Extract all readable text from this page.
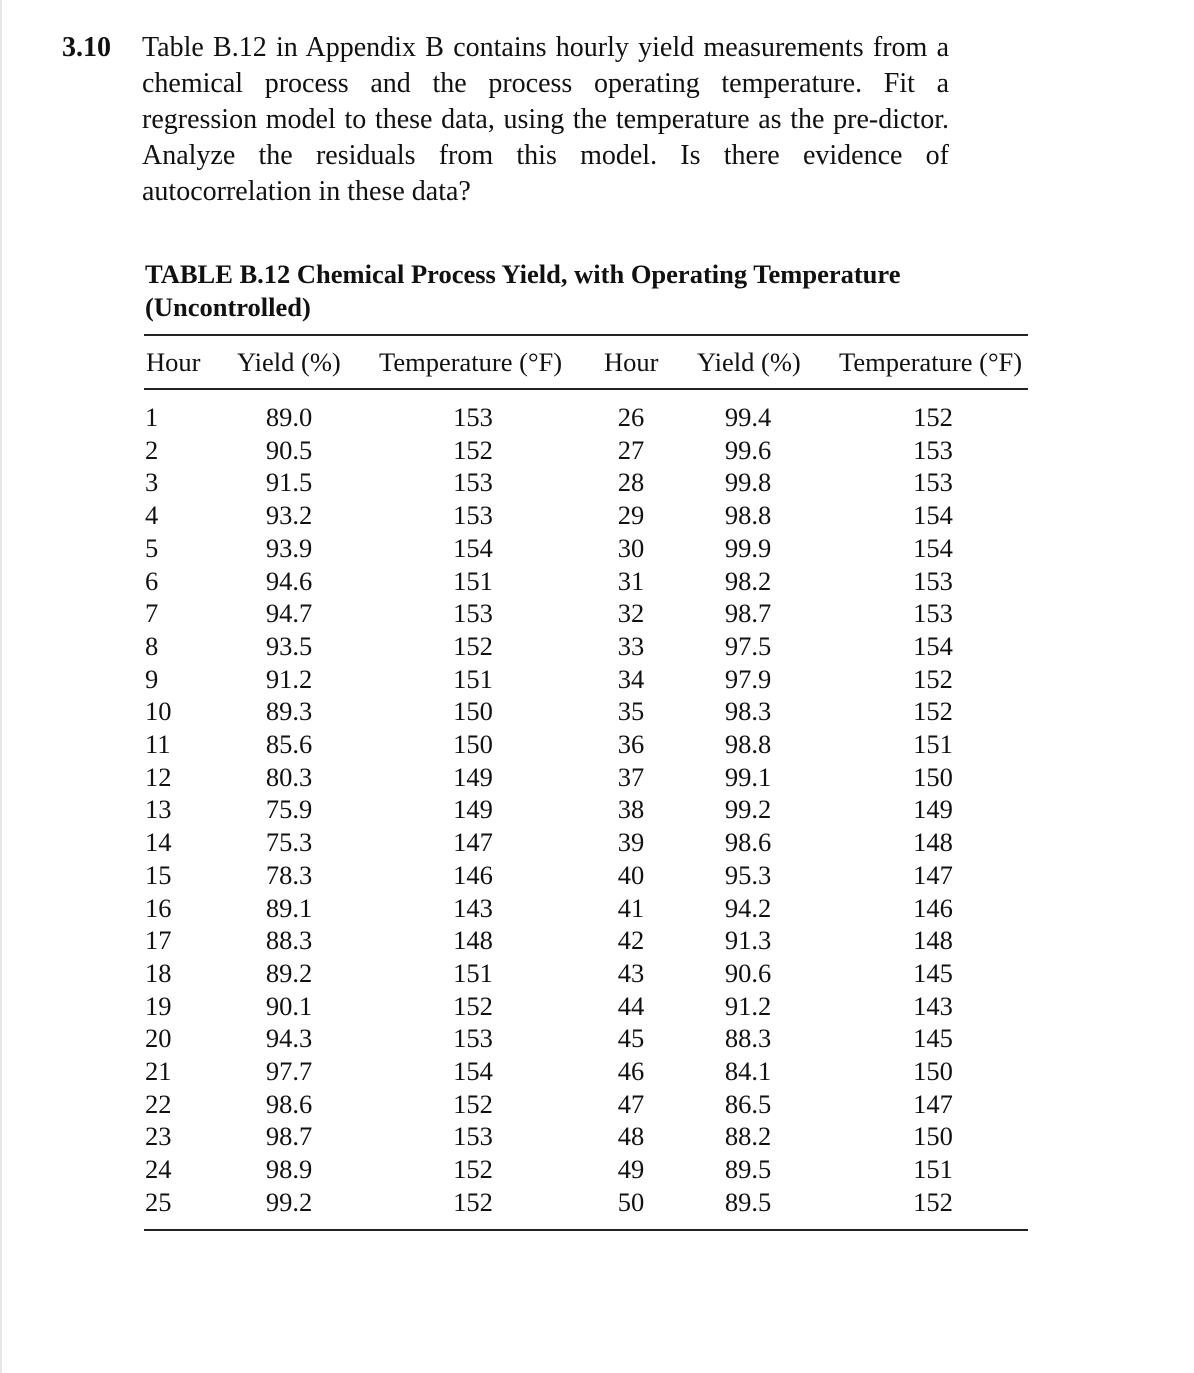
3.10 Table B.12 in Appendix B contains hourly yield measurements from a chemical process and the process operating temperature. Fit a regression model to these data, using the temperature as the pre-dictor. Analyze the residuals from this model. Is there evidence of autocorrelation in these data?
TABLE B.12 Chemical Process Yield, with Operating Temperature (Uncontrolled)
Hour Yield (%) Temperature (°F) Hour Yield (%) Temperature (°F)
1	89.0	153	26	99.4	152
2	90.5	152	27	99.6	153
3	91.5	153	28	99.8	153
4	93.2	153	29	98.8	154
5	93.9	154	30	99.9	154
6	94.6	151	31	98.2	153
7	94.7	153	32	98.7	153
8	93.5	152	33	97.5	154
9	91.2	151	34	97.9	152
10	89.3	150	35	98.3	152
11	85.6	150	36	98.8	151
12	80.3	149	37	99.1	150
13	75.9	149	38	99.2	149
14	75.3	147	39	98.6	148
15	78.3	146	40	95.3	147
16	89.1	143	41	94.2	146
17	88.3	148	42	91.3	148
18	89.2	151	43	90.6	145
19	90.1	152	44	91.2	143
20	94.3	153	45	88.3	145
21	97.7	154	46	84.1	150
22	98.6	152	47	86.5	147
23	98.7	153	48	88.2	150
24	98.9	152	49	89.5	151
25	99.2	152	50	89.5	152
